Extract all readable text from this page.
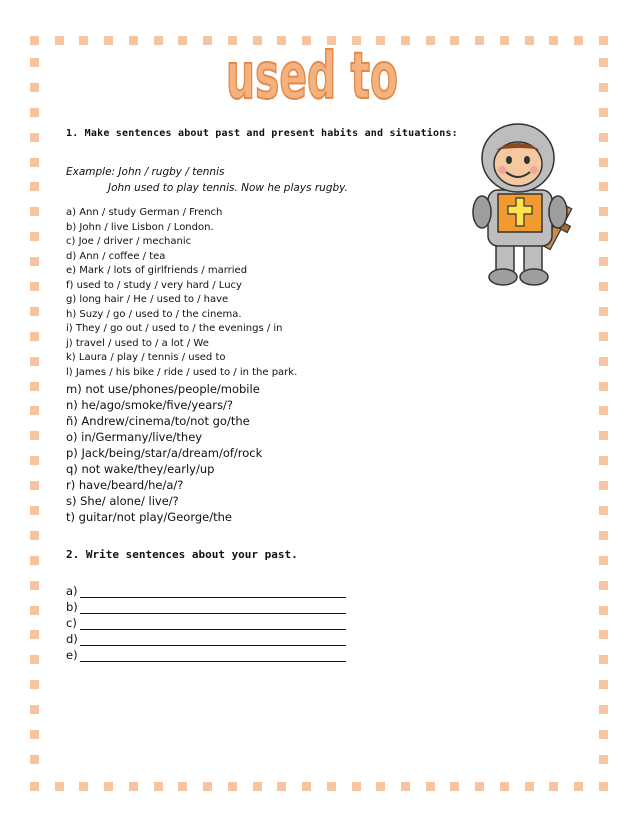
used to
1. Make sentences about past and present habits and situations:
Example: John / rugby / tennis
John used to play tennis. Now he plays rugby.
a) Ann / study German / French
b) John / live Lisbon / London.
c) Joe / driver / mechanic
d) Ann / coffee / tea
e) Mark / lots of girlfriends / married
f) used to / study / very hard / Lucy
g) long hair / He / used to / have
h) Suzy / go / used to / the cinema.
i) They / go out / used to / the evenings / in
j) travel / used to / a lot / We
k) Laura / play / tennis / used to
l) James / his bike / ride / used to / in the park.
m) not use/phones/people/mobile
n) he/ago/smoke/five/years/?
ñ) Andrew/cinema/to/not go/the
o) in/Germany/live/they
p) Jack/being/star/a/dream/of/rock
q) not wake/they/early/up
r) have/beard/he/a/?
s) She/ alone/ live/?
t) guitar/not play/George/the
2. Write sentences about your past.
a)
b)
c)
d)
e)
